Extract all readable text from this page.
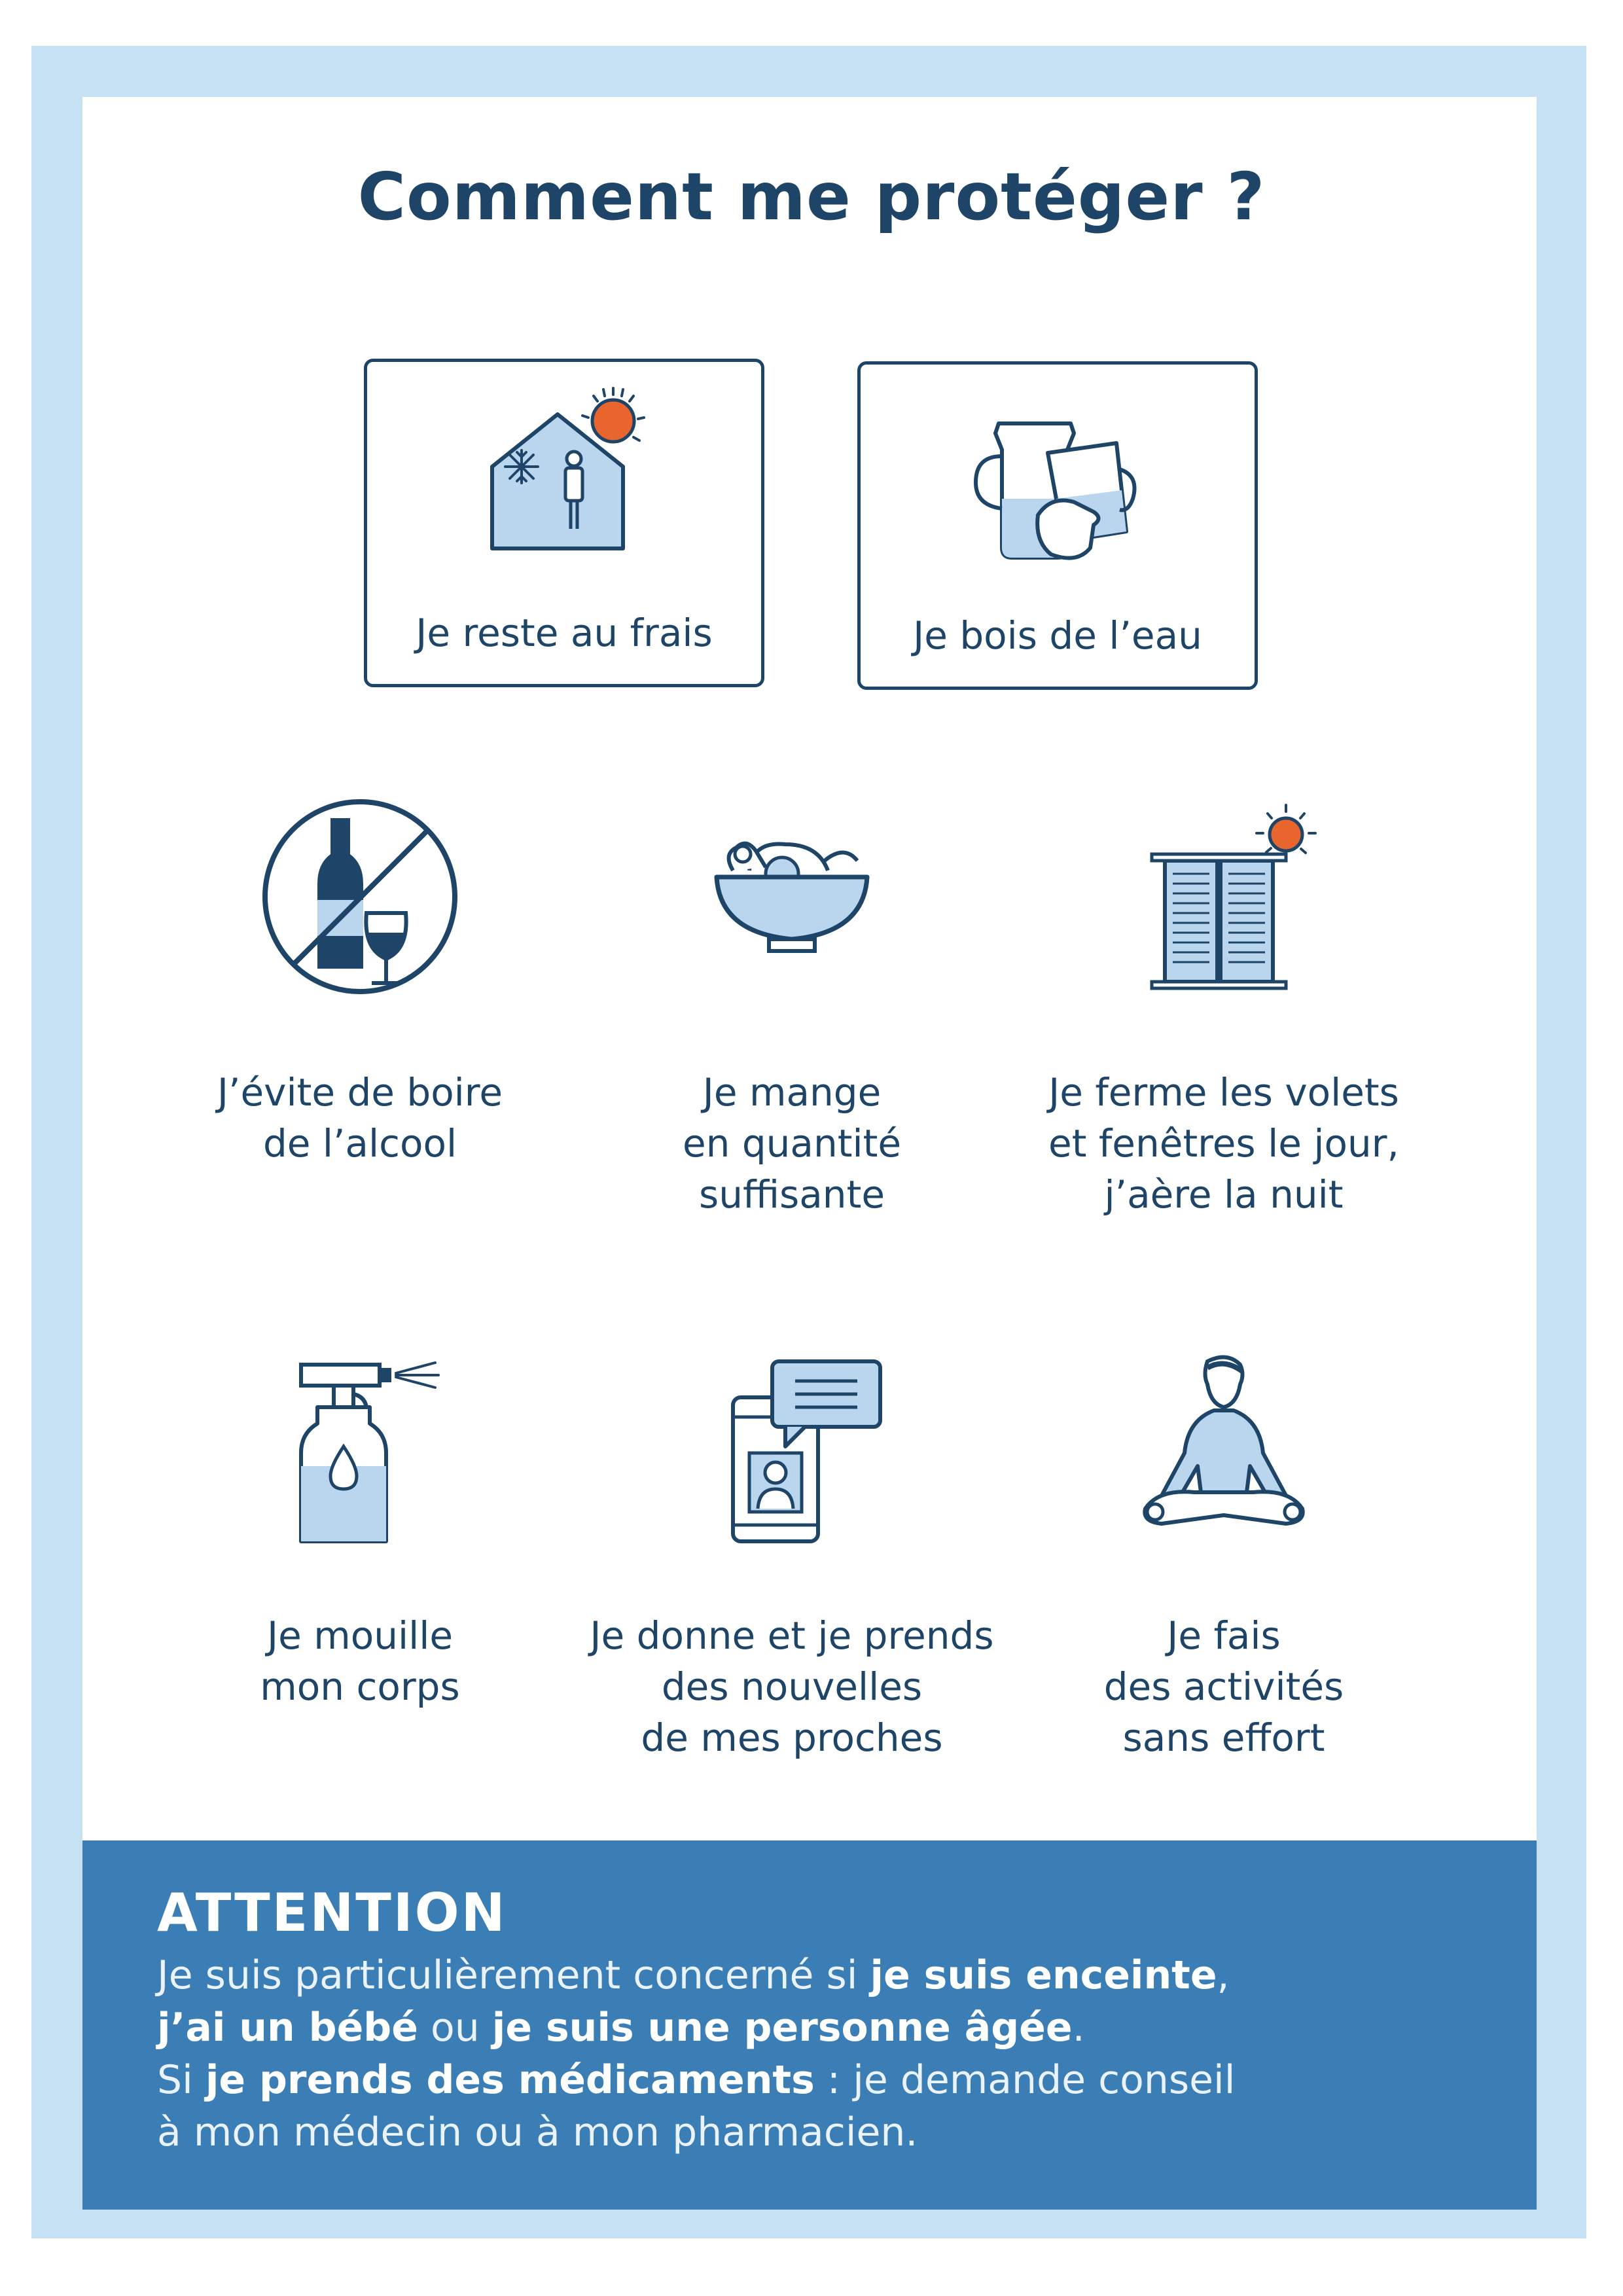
Comment me protéger ?
Je reste au frais	Je bois de l’eau
J’évite de boire
de l’alcool
Je mange
en quantité
suffisante
Je ferme les volets
et fenêtres le jour,
j’aère la nuit
Je mouille
mon corps
Je donne et je prends
des nouvelles
de mes proches
Je fais
des activités
sans effort
ATTENTION
Je suis particulièrement concerné si je suis enceinte,
j’ai un bébé ou je suis une personne âgée.
Si je prends des médicaments : je demande conseil
à mon médecin ou à mon pharmacien.
